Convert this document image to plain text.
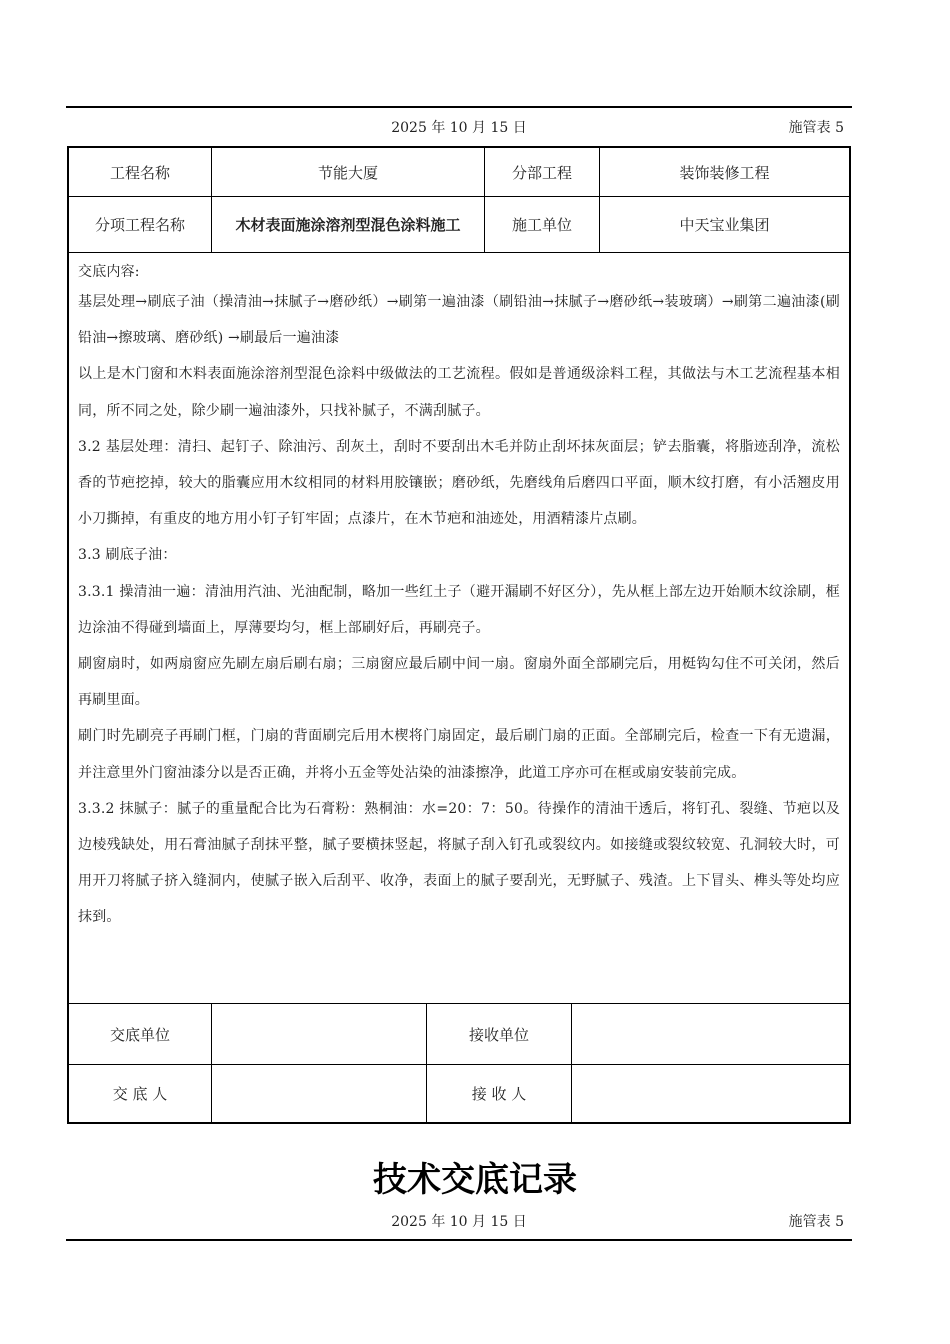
2025 年 10 月 15 日	施管表 5
工程名称	节能大厦	分部工程	装饰装修工程
分项工程名称	木材表面施涂溶剂型混色涂料施工	施工单位	中天宝业集团

交底内容:

基层处理→刷底子油（操清油→抹腻子→磨砂纸）→刷第一遍油漆（刷铅油→抹腻子→磨砂纸→装玻璃）→刷第二遍油漆(刷铅油→擦玻璃、磨砂纸) →刷最后一遍油漆

以上是木门窗和木料表面施涂溶剂型混色涂料中级做法的工艺流程。假如是普通级涂料工程，其做法与木工艺流程基本相同，所不同之处，除少刷一遍油漆外，只找补腻子，不满刮腻子。

3.2 基层处理：清扫、起钉子、除油污、刮灰土，刮时不要刮出木毛并防止刮坏抹灰面层；铲去脂囊，将脂迹刮净，流松香的节疤挖掉，较大的脂囊应用木纹相同的材料用胶镶嵌；磨砂纸，先磨线角后磨四口平面，顺木纹打磨，有小活翘皮用小刀撕掉，有重皮的地方用小钉子钉牢固；点漆片，在木节疤和油迹处，用酒精漆片点刷。

3.3 刷底子油：

3.3.1 操清油一遍：清油用汽油、光油配制，略加一些红土子（避开漏刷不好区分），先从框上部左边开始顺木纹涂刷，框边涂油不得碰到墙面上，厚薄要均匀，框上部刷好后，再刷亮子。

刷窗扇时，如两扇窗应先刷左扇后刷右扇；三扇窗应最后刷中间一扇。窗扇外面全部刷完后，用梃钩勾住不可关闭，然后再刷里面。

刷门时先刷亮子再刷门框，门扇的背面刷完后用木楔将门扇固定，最后刷门扇的正面。全部刷完后，检查一下有无遗漏，并注意里外门窗油漆分以是否正确，并将小五金等处沾染的油漆擦净，此道工序亦可在框或扇安装前完成。

3.3.2 抹腻子：腻子的重量配合比为石膏粉：熟桐油：水=20：7：50。待操作的清油干透后，将钉孔、裂缝、节疤以及边棱残缺处，用石膏油腻子刮抹平整，腻子要横抹竖起，将腻子刮入钉孔或裂纹内。如接缝或裂纹较宽、孔洞较大时，可用开刀将腻子挤入缝洞内，使腻子嵌入后刮平、收净，表面上的腻子要刮光，无野腻子、残渣。上下冒头、榫头等处均应抹到。

交底单位	接收单位
交 底 人	接 收 人
技术交底记录
2025 年 10 月 15 日	施管表 5
